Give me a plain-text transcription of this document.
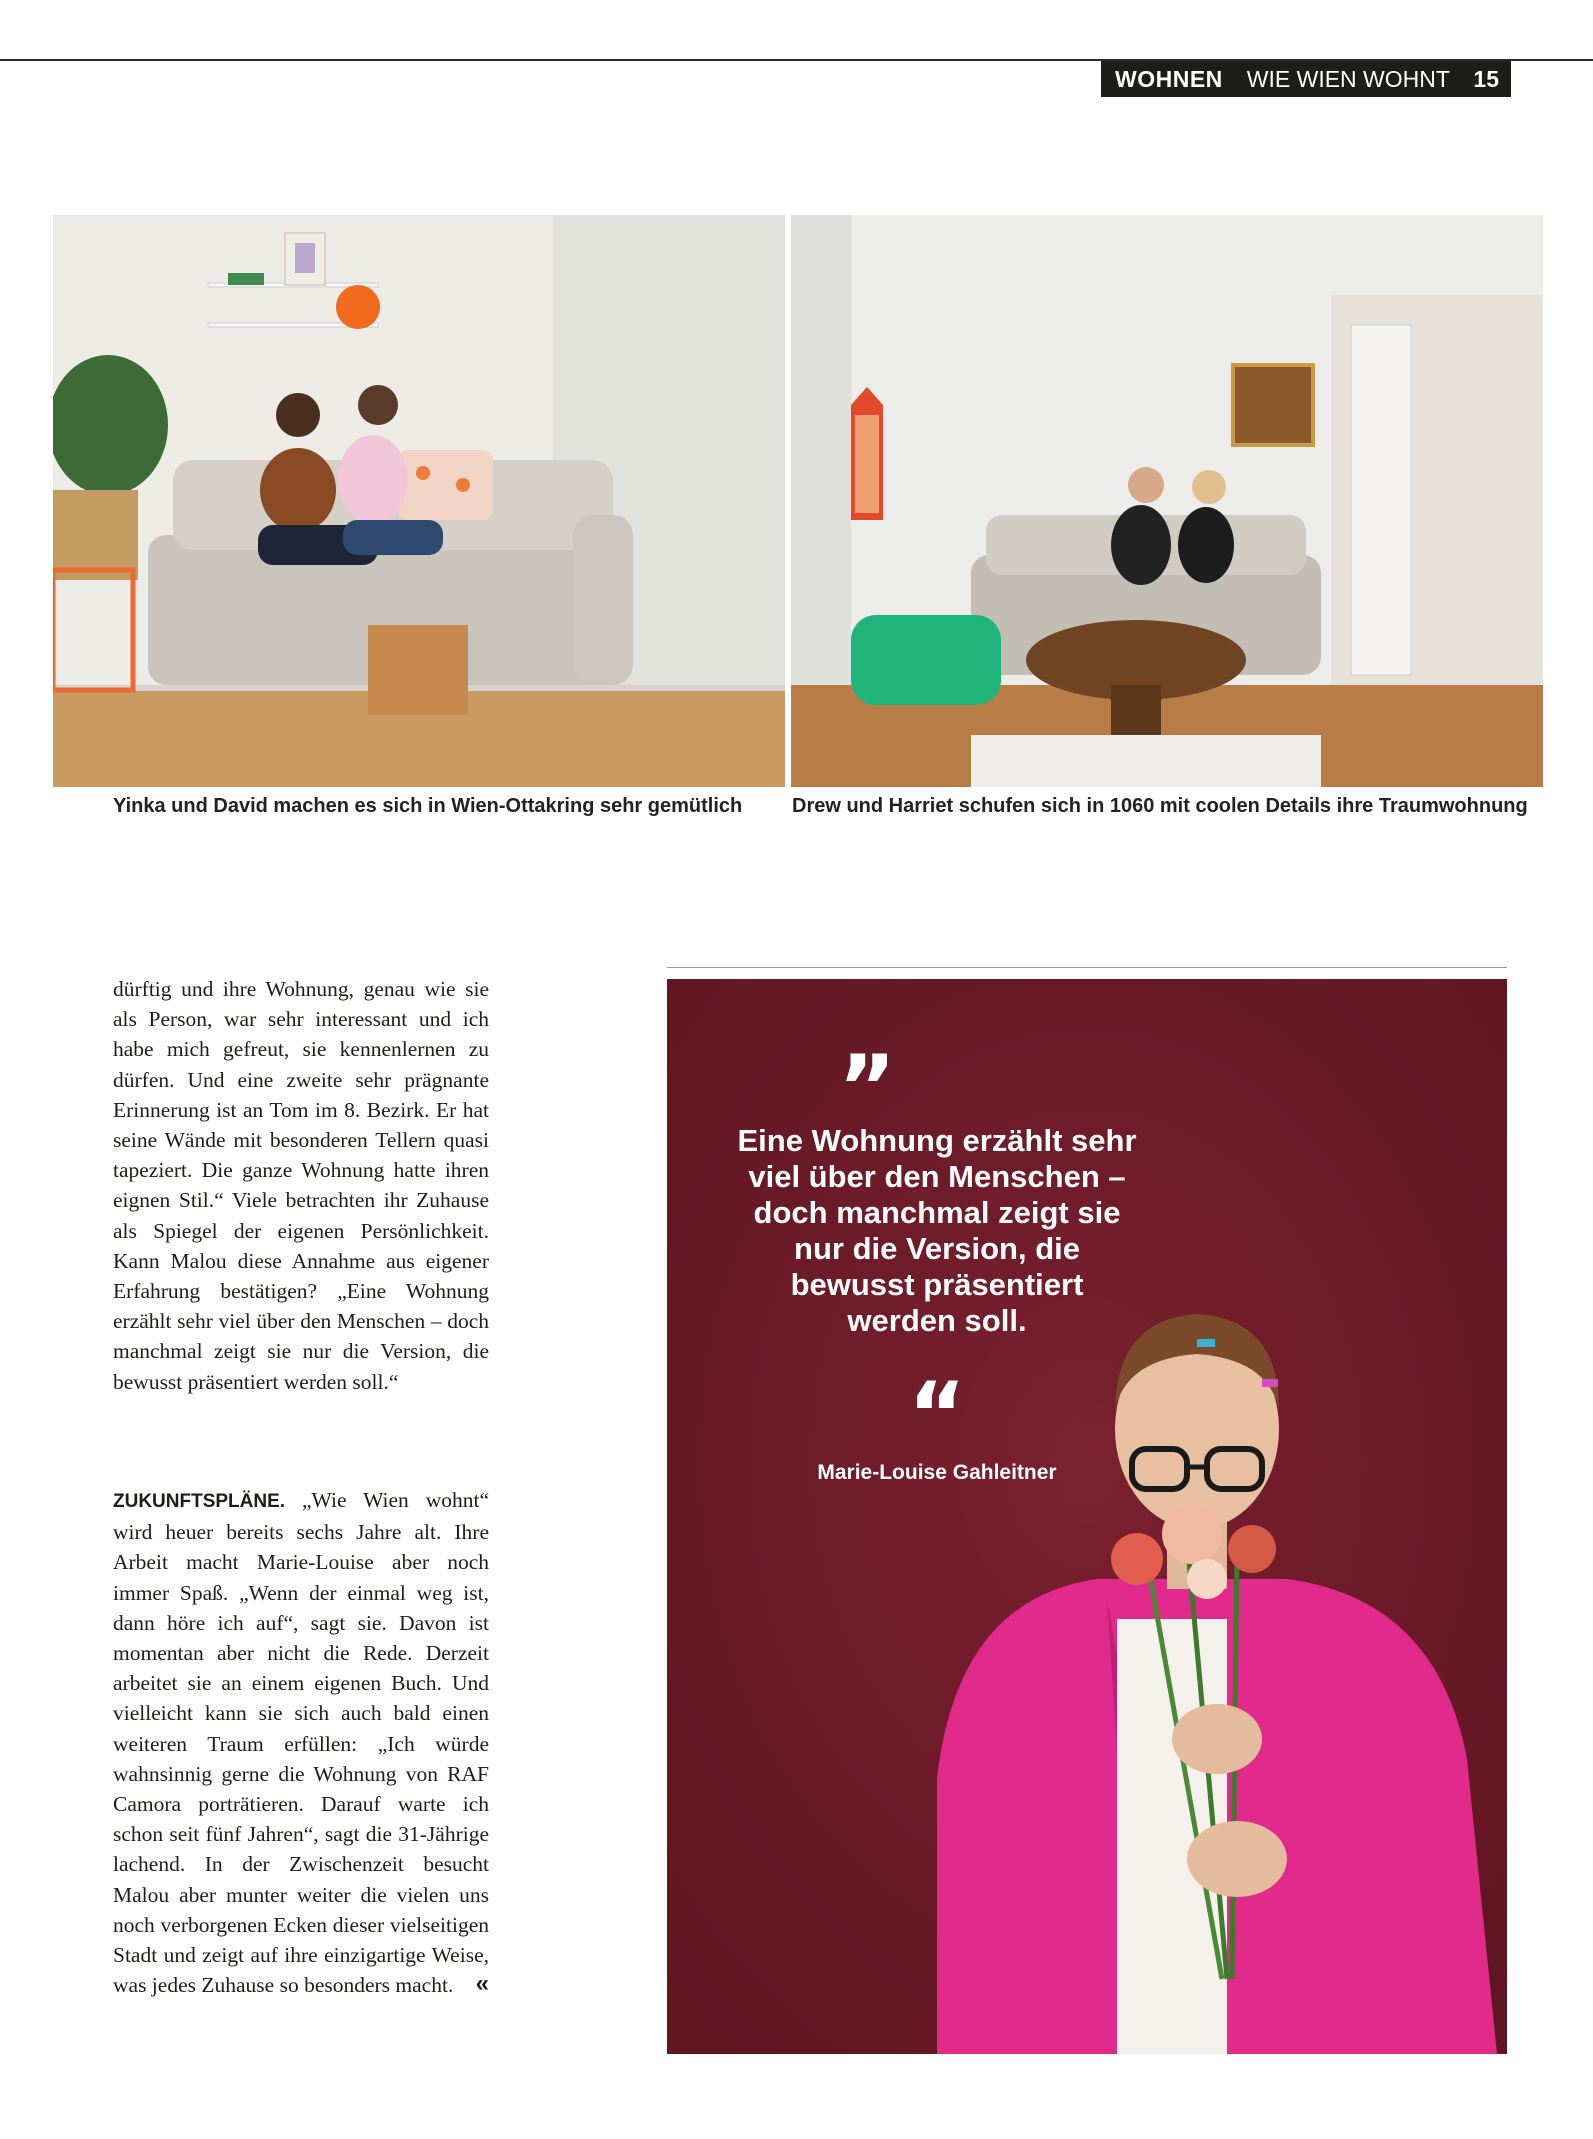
WOHNEN WIE WIEN WOHNT 15
Yinka und David machen es sich in Wien-Ottakring sehr gemütlich Drew und Harriet schufen sich in 1060 mit coolen Details ihre Traumwohnung
dürftig und ihre Wohnung, genau wie sie als Person, war sehr interessant und ich habe mich gefreut, sie kennenlernen zu dürfen. Und eine zweite sehr prägnante Erinnerung ist an Tom im 8. Bezirk. Er hat seine Wände mit besonderen Tellern quasi tapeziert. Die ganze Wohnung hatte ihren eignen Stil.“ Viele betrachten ihr Zuhause als Spiegel der eigenen Persönlichkeit. Kann Malou diese Annahme aus eigener Erfahrung bestätigen? „Eine Wohnung erzählt sehr viel über den Menschen – doch manchmal zeigt sie nur die Version, die bewusst präsentiert werden soll.“
ZUKUNFTSPLÄNE. „Wie Wien wohnt“ wird heuer bereits sechs Jahre alt. Ihre Arbeit macht Marie-Louise aber noch immer Spaß. „Wenn der einmal weg ist, dann höre ich auf“, sagt sie. Davon ist momentan aber nicht die Rede. Derzeit arbeitet sie an einem eigenen Buch. Und vielleicht kann sie sich auch bald einen weiteren Traum erfüllen: „Ich würde wahnsinnig gerne die Wohnung von RAF Camora porträtieren. Darauf warte ich schon seit fünf Jahren“, sagt die 31-Jährige lachend. In der Zwischenzeit besucht Malou aber munter weiter die vielen uns noch verborgenen Ecken dieser vielseitigen Stadt und zeigt auf ihre einzigartige Weise, was jedes Zuhause so besonders macht. «
”
Eine Wohnung erzählt sehr viel über den Menschen – doch manchmal zeigt sie nur die Version, die bewusst präsentiert werden soll.
“
Marie-Louise Gahleitner
